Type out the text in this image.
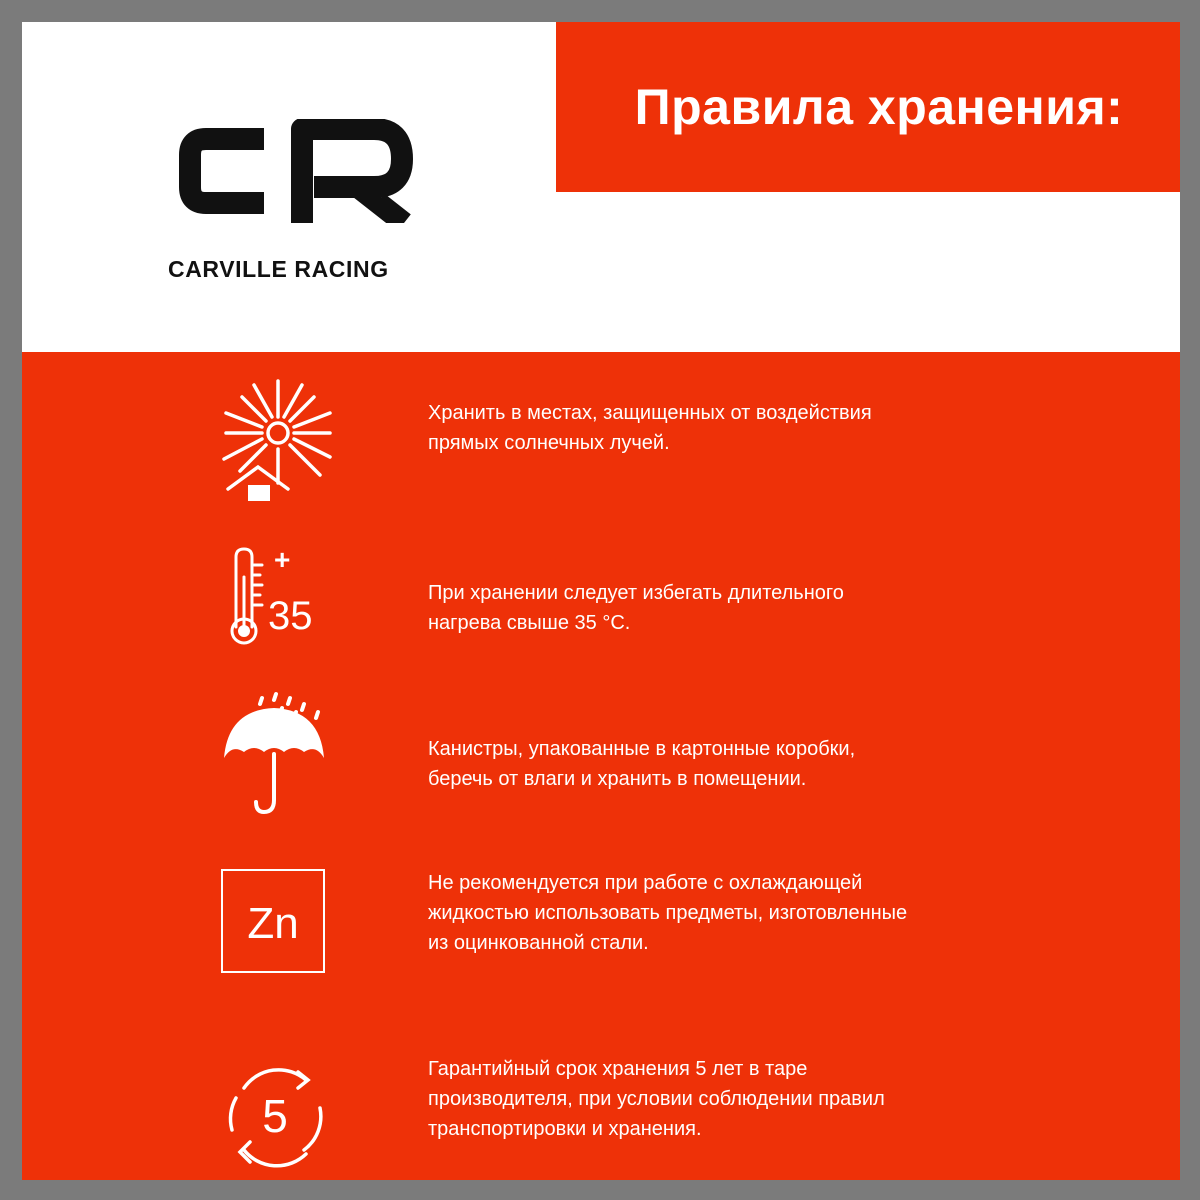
CARVILLE RACING
Правила хранения:
Хранить в местах, защищенных от воздействия
прямых солнечных лучей.
+
35
При хранении следует избегать длительного
нагрева свыше 35 °С.
Канистры, упакованные в картонные коробки,
беречь от влаги и хранить в помещении.
Zn
Не рекомендуется при работе с охлаждающей
жидкостью использовать предметы, изготовленные
из оцинкованной стали.
5
Гарантийный срок хранения 5 лет в таре
производителя, при условии соблюдении правил
транспортировки и хранения.
